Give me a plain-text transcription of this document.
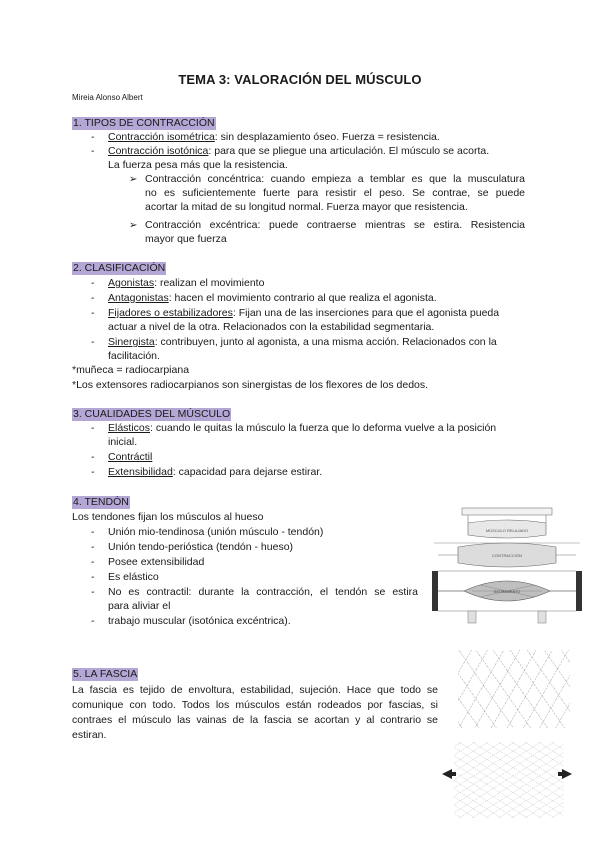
TEMA 3: VALORACIÓN DEL MÚSCULO
Mireia Alonso Albert
1. TIPOS DE CONTRACCIÓN
- Contracción isométrica: sin desplazamiento óseo. Fuerza = resistencia.
- Contracción isotónica: para que se pliegue una articulación. El músculo se acorta.
La fuerza pesa más que la resistencia.
➢ Contracción concéntrica: cuando empieza a temblar es que la musculatura
no es suficientemente fuerte para resistir el peso. Se contrae, se puede
acortar la mitad de su longitud normal. Fuerza mayor que resistencia.
➢ Contracción excéntrica: puede contraerse mientras se estira. Resistencia
mayor que fuerza
2. CLASIFICACIÓN
- Agonistas: realizan el movimiento
- Antagonistas: hacen el movimiento contrario al que realiza el agonista.
- Fijadores o estabilizadores: Fijan una de las inserciones para que el agonista pueda
actuar a nivel de la otra. Relacionados con la estabilidad segmentaria.
- Sinergista: contribuyen, junto al agonista, a una misma acción. Relacionados con la
facilitación.
*muñeca = radiocarpiana
*Los extensores radiocarpianos son sinergistas de los flexores de los dedos.
3. CUALIDADES DEL MÚSCULO
- Elásticos: cuando le quitas la músculo la fuerza que lo deforma vuelve a la posición
inicial.
- Contráctil
- Extensibilidad: capacidad para dejarse estirar.
4. TENDÓN
Los tendones fijan los músculos al hueso
- Unión mio-tendinosa (unión músculo - tendón)
- Unión tendo-perióstica (tendón - hueso)
- Posee extensibilidad
- Es elástico
- No es contractil: durante la contracción, el tendón se estira
para aliviar el
- trabajo muscular (isotónica excéntrica).
MÚSCULO RELAJADO
CONTRACCIÓN
ESTIRAMIENTO
5. LA FASCIA
La fascia es tejido de envoltura, estabilidad, sujeción. Hace que todo se
comunique con todo. Todos los músculos están rodeados por fascias, si
contraes el músculo las vainas de la fascia se acortan y al contrario se
estiran.
